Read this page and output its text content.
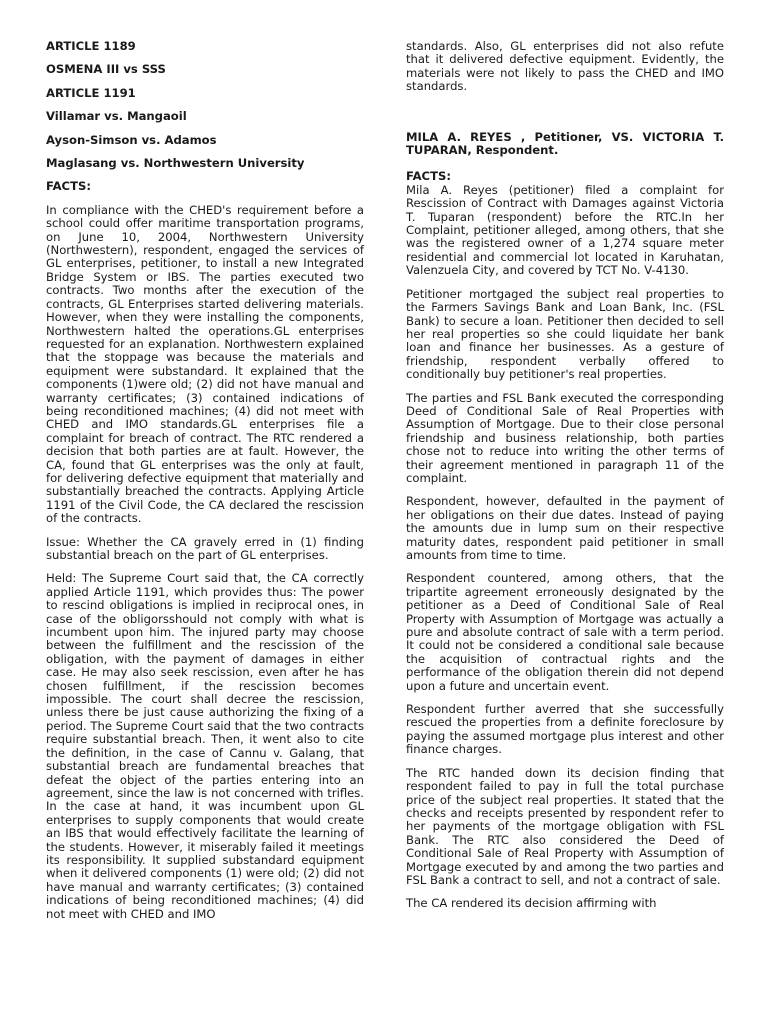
ARTICLE 1189
OSMENA III vs SSS
ARTICLE 1191
Villamar vs. Mangaoil
Ayson-Simson vs. Adamos
Maglasang vs. Northwestern University
FACTS:

In compliance with the CHED's requirement before a school could offer maritime transportation programs, on June 10, 2004, Northwestern University (Northwestern), respondent, engaged the services of GL enterprises, petitioner, to install a new Integrated Bridge System or IBS. The parties executed two contracts. Two months after the execution of the contracts, GL Enterprises started delivering materials. However, when they were installing the components, Northwestern halted the operations.GL enterprises requested for an explanation. Northwestern explained that the stoppage was because the materials and equipment were substandard. It explained that the components (1)were old; (2) did not have manual and warranty certificates; (3) contained indications of being reconditioned machines; (4) did not meet with CHED and IMO standards.GL enterprises file a complaint for breach of contract. The RTC rendered a decision that both parties are at fault. However, the CA, found that GL enterprises was the only at fault, for delivering defective equipment that materially and substantially breached the contracts. Applying Article 1191 of the Civil Code, the CA declared the rescission of the contracts.

Issue: Whether the CA gravely erred in (1) finding substantial breach on the part of GL enterprises.

Held: The Supreme Court said that, the CA correctly applied Article 1191, which provides thus: The power to rescind obligations is implied in reciprocal ones, in case of the obligorsshould not comply with what is incumbent upon him. The injured party may choose between the fulfillment and the rescission of the obligation, with the payment of damages in either case. He may also seek rescission, even after he has chosen fulfillment, if the rescission becomes impossible. The court shall decree the rescission, unless there be just cause authorizing the fixing of a period. The Supreme Court said that the two contracts require substantial breach. Then, it went also to cite the definition, in the case of Cannu v. Galang, that substantial breach are fundamental breaches that defeat the object of the parties entering into an agreement, since the law is not concerned with trifles. In the case at hand, it was incumbent upon GL enterprises to supply components that would create an IBS that would effectively facilitate the learning of the students. However, it miserably failed it meetings its responsibility. It supplied substandard equipment when it delivered components (1) were old; (2) did not have manual and warranty certificates; (3) contained indications of being reconditioned machines; (4) did not meet with CHED and IMO

standards. Also, GL enterprises did not also refute that it delivered defective equipment. Evidently, the materials were not likely to pass the CHED and IMO standards.

MILA A. REYES , Petitioner, VS. VICTORIA T. TUPARAN, Respondent.
FACTS:

Mila A. Reyes (petitioner) filed a complaint for Rescission of Contract with Damages against Victoria T. Tuparan (respondent) before the RTC.In her Complaint, petitioner alleged, among others, that she was the registered owner of a 1,274 square meter residential and commercial lot located in Karuhatan, Valenzuela City, and covered by TCT No. V-4130.

Petitioner mortgaged the subject real properties to the Farmers Savings Bank and Loan Bank, Inc. (FSL Bank) to secure a loan. Petitioner then decided to sell her real properties so she could liquidate her bank loan and finance her businesses. As a gesture of friendship, respondent verbally offered to conditionally buy petitioner's real properties.

The parties and FSL Bank executed the corresponding Deed of Conditional Sale of Real Properties with Assumption of Mortgage. Due to their close personal friendship and business relationship, both parties chose not to reduce into writing the other terms of their agreement mentioned in paragraph 11 of the complaint.

Respondent, however, defaulted in the payment of her obligations on their due dates. Instead of paying the amounts due in lump sum on their respective maturity dates, respondent paid petitioner in small amounts from time to time.

Respondent countered, among others, that the tripartite agreement erroneously designated by the petitioner as a Deed of Conditional Sale of Real Property with Assumption of Mortgage was actually a pure and absolute contract of sale with a term period. It could not be considered a conditional sale because the acquisition of contractual rights and the performance of the obligation therein did not depend upon a future and uncertain event.

Respondent further averred that she successfully rescued the properties from a definite foreclosure by paying the assumed mortgage plus interest and other finance charges.

The RTC handed down its decision finding that respondent failed to pay in full the total purchase price of the subject real properties. It stated that the checks and receipts presented by respondent refer to her payments of the mortgage obligation with FSL Bank. The RTC also considered the Deed of Conditional Sale of Real Property with Assumption of Mortgage executed by and among the two parties and FSL Bank a contract to sell, and not a contract of sale.

The CA rendered its decision affirming with
